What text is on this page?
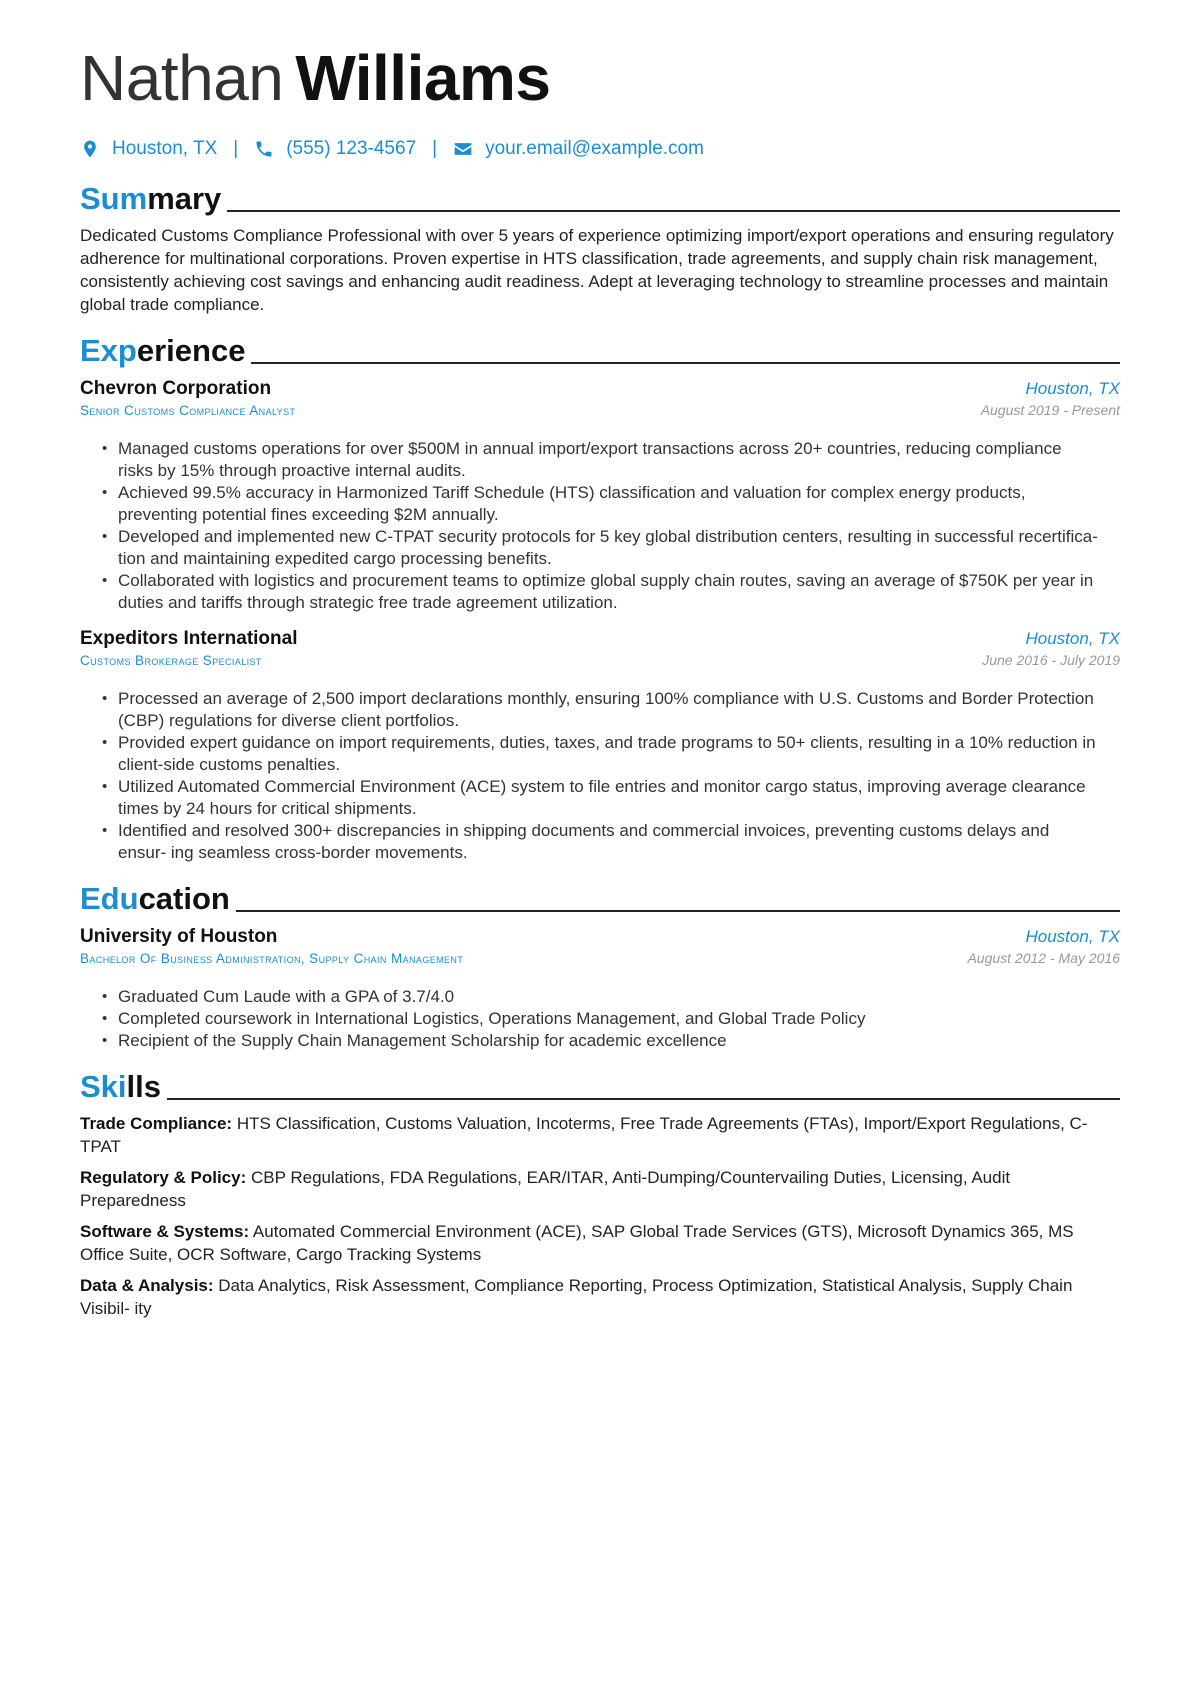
Nathan Williams
Houston, TX |	(555) 123-4567 |	your.email@example.com
Summary
Dedicated Customs Compliance Professional with over 5 years of experience optimizing import/export operations and ensuring regulatory adherence for multinational corporations. Proven expertise in HTS classification, trade agreements, and supply chain risk management, consistently achieving cost savings and enhancing audit readiness. Adept at leveraging technology to streamline processes and maintain global trade compliance.
Experience
Chevron Corporation	Houston, TX
Senior Customs Compliance Analyst	August 2019 - Present
• Managed customs operations for over $500M in annual import/export transactions across 20+ countries, reducing compliance risks by 15% through proactive internal audits.
• Achieved 99.5% accuracy in Harmonized Tariff Schedule (HTS) classification and valuation for complex energy products, preventing potential fines exceeding $2M annually.
• Developed and implemented new C-TPAT security protocols for 5 key global distribution centers, resulting in successful recertifica- tion and maintaining expedited cargo processing benefits.
• Collaborated with logistics and procurement teams to optimize global supply chain routes, saving an average of $750K per year in duties and tariffs through strategic free trade agreement utilization.
Expeditors International	Houston, TX
Customs Brokerage Specialist	June 2016 - July 2019
• Processed an average of 2,500 import declarations monthly, ensuring 100% compliance with U.S. Customs and Border Protection (CBP) regulations for diverse client portfolios.
• Provided expert guidance on import requirements, duties, taxes, and trade programs to 50+ clients, resulting in a 10% reduction in client-side customs penalties.
• Utilized Automated Commercial Environment (ACE) system to file entries and monitor cargo status, improving average clearance times by 24 hours for critical shipments.
• Identified and resolved 300+ discrepancies in shipping documents and commercial invoices, preventing customs delays and ensur- ing seamless cross-border movements.
Education
University of Houston	Houston, TX
Bachelor Of Business Administration, Supply Chain Management	August 2012 - May 2016
• Graduated Cum Laude with a GPA of 3.7/4.0
• Completed coursework in International Logistics, Operations Management, and Global Trade Policy
• Recipient of the Supply Chain Management Scholarship for academic excellence
Skills
Trade Compliance: HTS Classification, Customs Valuation, Incoterms, Free Trade Agreements (FTAs), Import/Export Regulations, C-TPAT
Regulatory & Policy: CBP Regulations, FDA Regulations, EAR/ITAR, Anti-Dumping/Countervailing Duties, Licensing, Audit Preparedness
Software & Systems: Automated Commercial Environment (ACE), SAP Global Trade Services (GTS), Microsoft Dynamics 365, MS Office Suite, OCR Software, Cargo Tracking Systems
Data & Analysis: Data Analytics, Risk Assessment, Compliance Reporting, Process Optimization, Statistical Analysis, Supply Chain Visibil- ity
